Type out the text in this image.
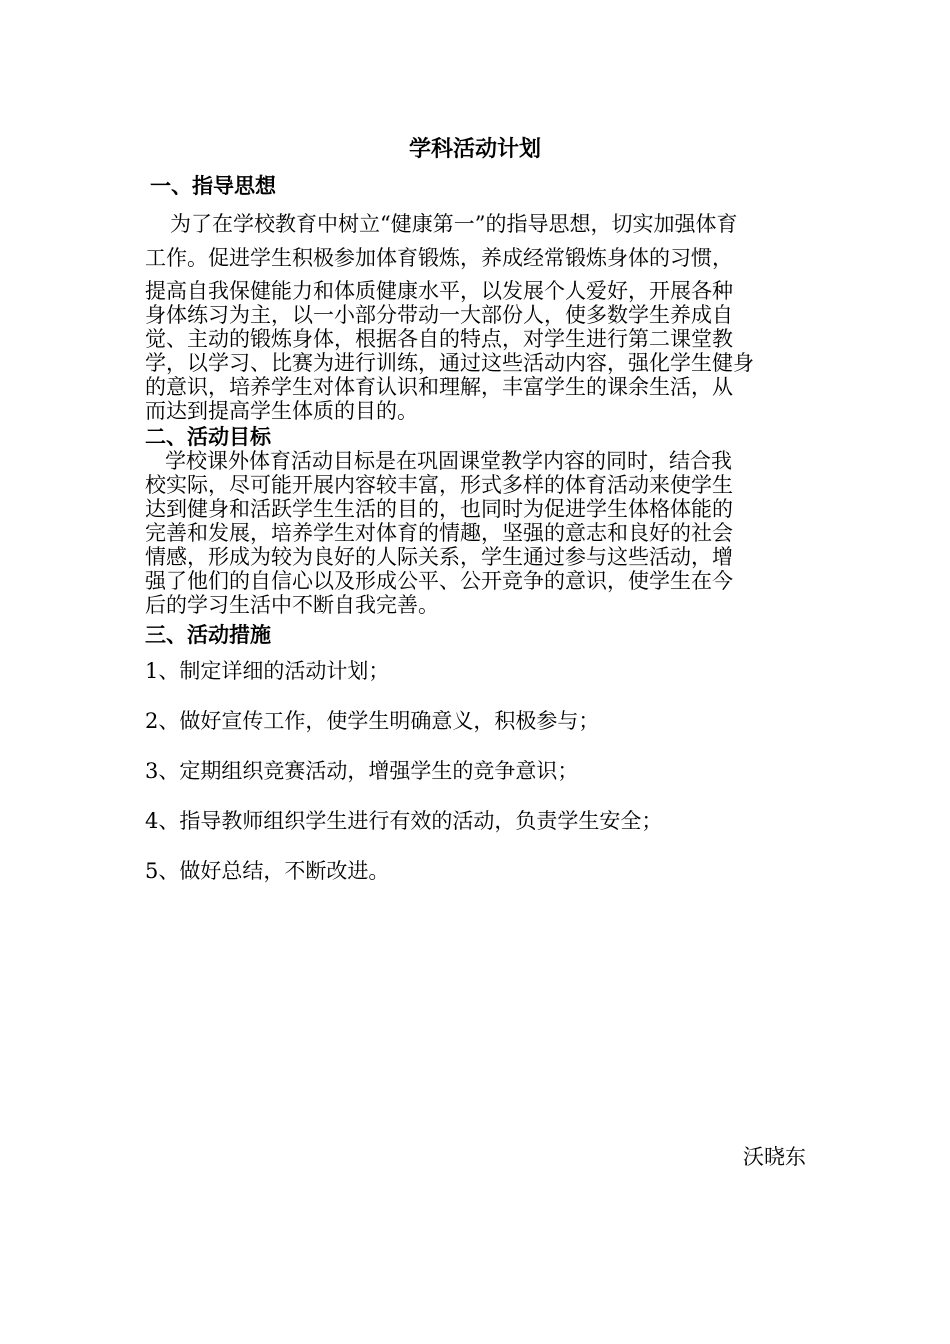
学科活动计划
一、指导思想
为了在学校教育中树立“健康第一”的指导思想，切实加强体育
工作。促进学生积极参加体育锻炼，养成经常锻炼身体的习惯，
提高自我保健能力和体质健康水平，以发展个人爱好，开展各种
身体练习为主，以一小部分带动一大部份人，使多数学生养成自
觉、主动的锻炼身体，根据各自的特点，对学生进行第二课堂教
学，以学习、比赛为进行训练，通过这些活动内容，强化学生健身
的意识，培养学生对体育认识和理解，丰富学生的课余生活，从
而达到提高学生体质的目的。
二、活动目标
学校课外体育活动目标是在巩固课堂教学内容的同时，结合我
校实际，尽可能开展内容较丰富，形式多样的体育活动来使学生
达到健身和活跃学生生活的目的，也同时为促进学生体格体能的
完善和发展，培养学生对体育的情趣，坚强的意志和良好的社会
情感，形成为较为良好的人际关系，学生通过参与这些活动，增
强了他们的自信心以及形成公平、公开竞争的意识，使学生在今
后的学习生活中不断自我完善。
三、活动措施
1、制定详细的活动计划；
2、做好宣传工作，使学生明确意义，积极参与；
3、定期组织竞赛活动，增强学生的竞争意识；
4、指导教师组织学生进行有效的活动，负责学生安全；
5、做好总结，不断改进。
沃晓东
